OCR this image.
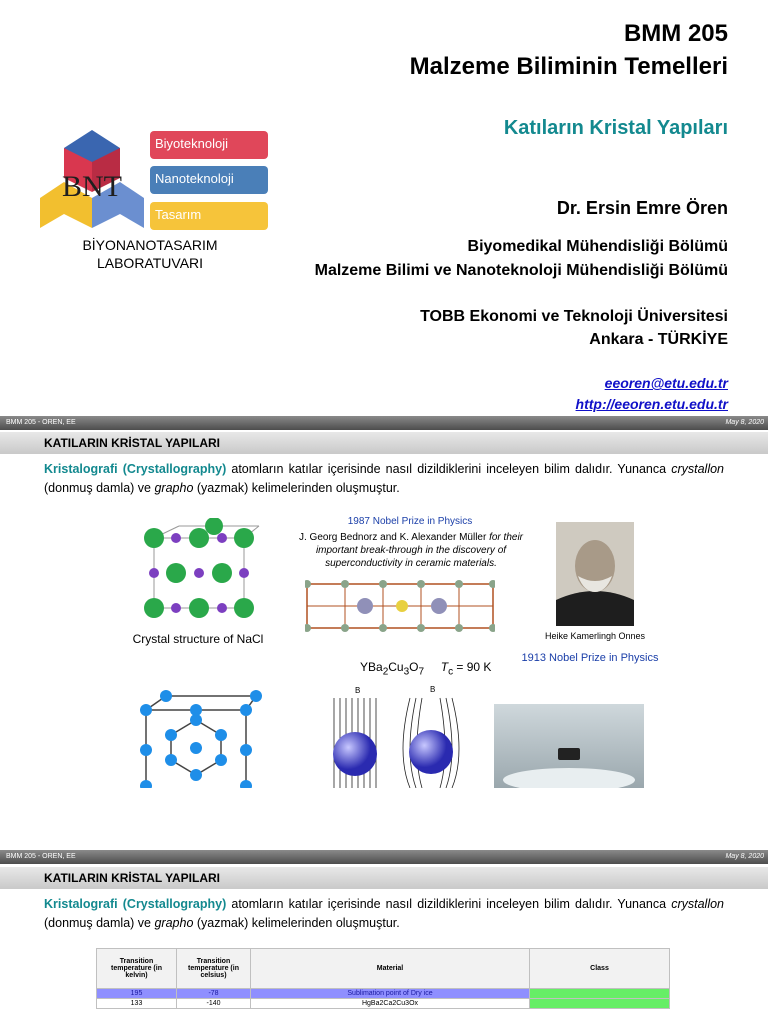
BMM 205
Malzeme Biliminin Temelleri
Katıların Kristal Yapıları
Dr. Ersin Emre Ören
Biyomedikal Mühendisliği Bölümü
Malzeme Bilimi ve Nanoteknoloji Mühendisliği Bölümü
TOBB Ekonomi ve Teknoloji Üniversitesi
Ankara - TÜRKİYE
eeoren@etu.edu.tr
http://eeoren.etu.edu.tr
BNT
Biyoteknoloji
Nanoteknoloji
Tasarım
BİYONANOTASARIM
LABORATUVARI
BMM 205 - OREN, EE	May 8, 2020
KATILARIN KRİSTAL YAPILARI
Kristalografi (Crystallography) atomların katılar içerisinde nasıl dizildiklerini inceleyen bilim dalıdır. Yunanca crystallon (donmuş damla) ve grapho (yazmak) kelimelerinden oluşmuştur.
Crystal structure of NaCl
1987 Nobel Prize in Physics
J. Georg Bednorz and K. Alexander Müller for their important break-through in the discovery of superconductivity in ceramic materials.
$YBa_2Cu_3O_7$ $T_c = 90$ K
Heike Kamerlingh Onnes
1913 Nobel Prize in Physics
B	B
BMM 205 - OREN, EE	May 8, 2020
KATILARIN KRİSTAL YAPILARI
Kristalografi (Crystallography) atomların katılar içerisinde nasıl dizildiklerini inceleyen bilim dalıdır. Yunanca crystallon (donmuş damla) ve grapho (yazmak) kelimelerinden oluşmuştur.
Transition temperature (in kelvin)	Transition temperature (in celsius)	Material	Class
195	-78	Sublimation point of Dry ice	
133	-140	HgBa2Ca2Cu3Ox	
